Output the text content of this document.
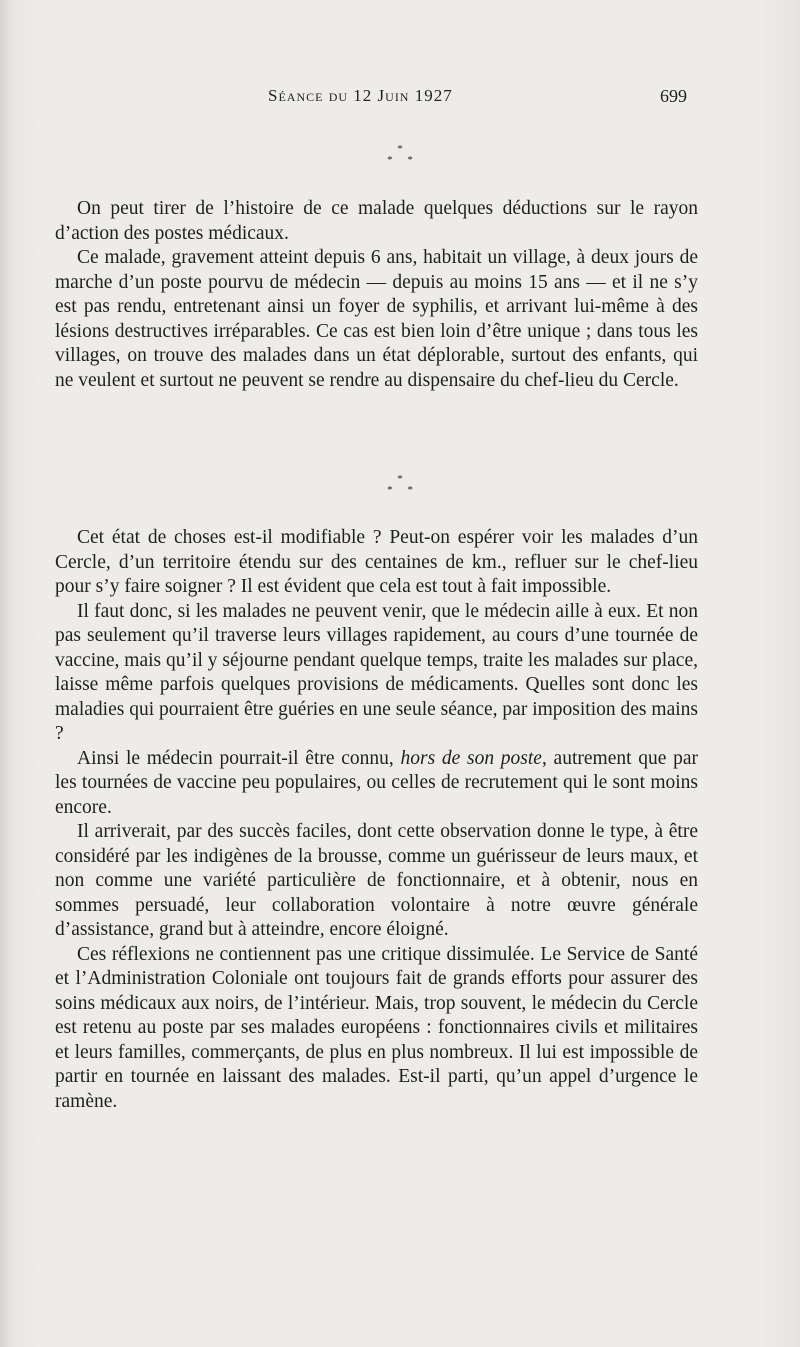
Séance du 12 Juin 1927	699
*
* *

On peut tirer de l’histoire de ce malade quelques déductions sur le rayon d’action des postes médicaux.

Ce malade, gravement atteint depuis 6 ans, habitait un village, à deux jours de marche d’un poste pourvu de médecin — depuis au moins 15 ans — et il ne s’y est pas rendu, entretenant ainsi un foyer de syphilis, et arrivant lui-même à des lésions destructives irréparables. Ce cas est bien loin d’être unique ; dans tous les villages, on trouve des malades dans un état déplorable, surtout des enfants, qui ne veulent et surtout ne peuvent se rendre au dispensaire du chef-lieu du Cercle.

*
* *

Cet état de choses est-il modifiable ? Peut-on espérer voir les malades d’un Cercle, d’un territoire étendu sur des centaines de km., refluer sur le chef-lieu pour s’y faire soigner ? Il est évident que cela est tout à fait impossible.

Il faut donc, si les malades ne peuvent venir, que le médecin aille à eux. Et non pas seulement qu’il traverse leurs villages rapidement, au cours d’une tournée de vaccine, mais qu’il y séjourne pendant quelque temps, traite les malades sur place, laisse même parfois quelques provisions de médicaments. Quelles sont donc les maladies qui pourraient être guéries en une seule séance, par imposition des mains ?

Ainsi le médecin pourrait-il être connu, hors de son poste, autrement que par les tournées de vaccine peu populaires, ou celles de recrutement qui le sont moins encore.

Il arriverait, par des succès faciles, dont cette observation donne le type, à être considéré par les indigènes de la brousse, comme un guérisseur de leurs maux, et non comme une variété particulière de fonctionnaire, et à obtenir, nous en sommes persuadé, leur collaboration volontaire à notre œuvre générale d’assistance, grand but à atteindre, encore éloigné.

Ces réflexions ne contiennent pas une critique dissimulée. Le Service de Santé et l’Administration Coloniale ont toujours fait de grands efforts pour assurer des soins médicaux aux noirs, de l’intérieur. Mais, trop souvent, le médecin du Cercle est retenu au poste par ses malades européens : fonctionnaires civils et militaires et leurs familles, commerçants, de plus en plus nombreux. Il lui est impossible de partir en tournée en laissant des malades. Est-il parti, qu’un appel d’urgence le ramène.
